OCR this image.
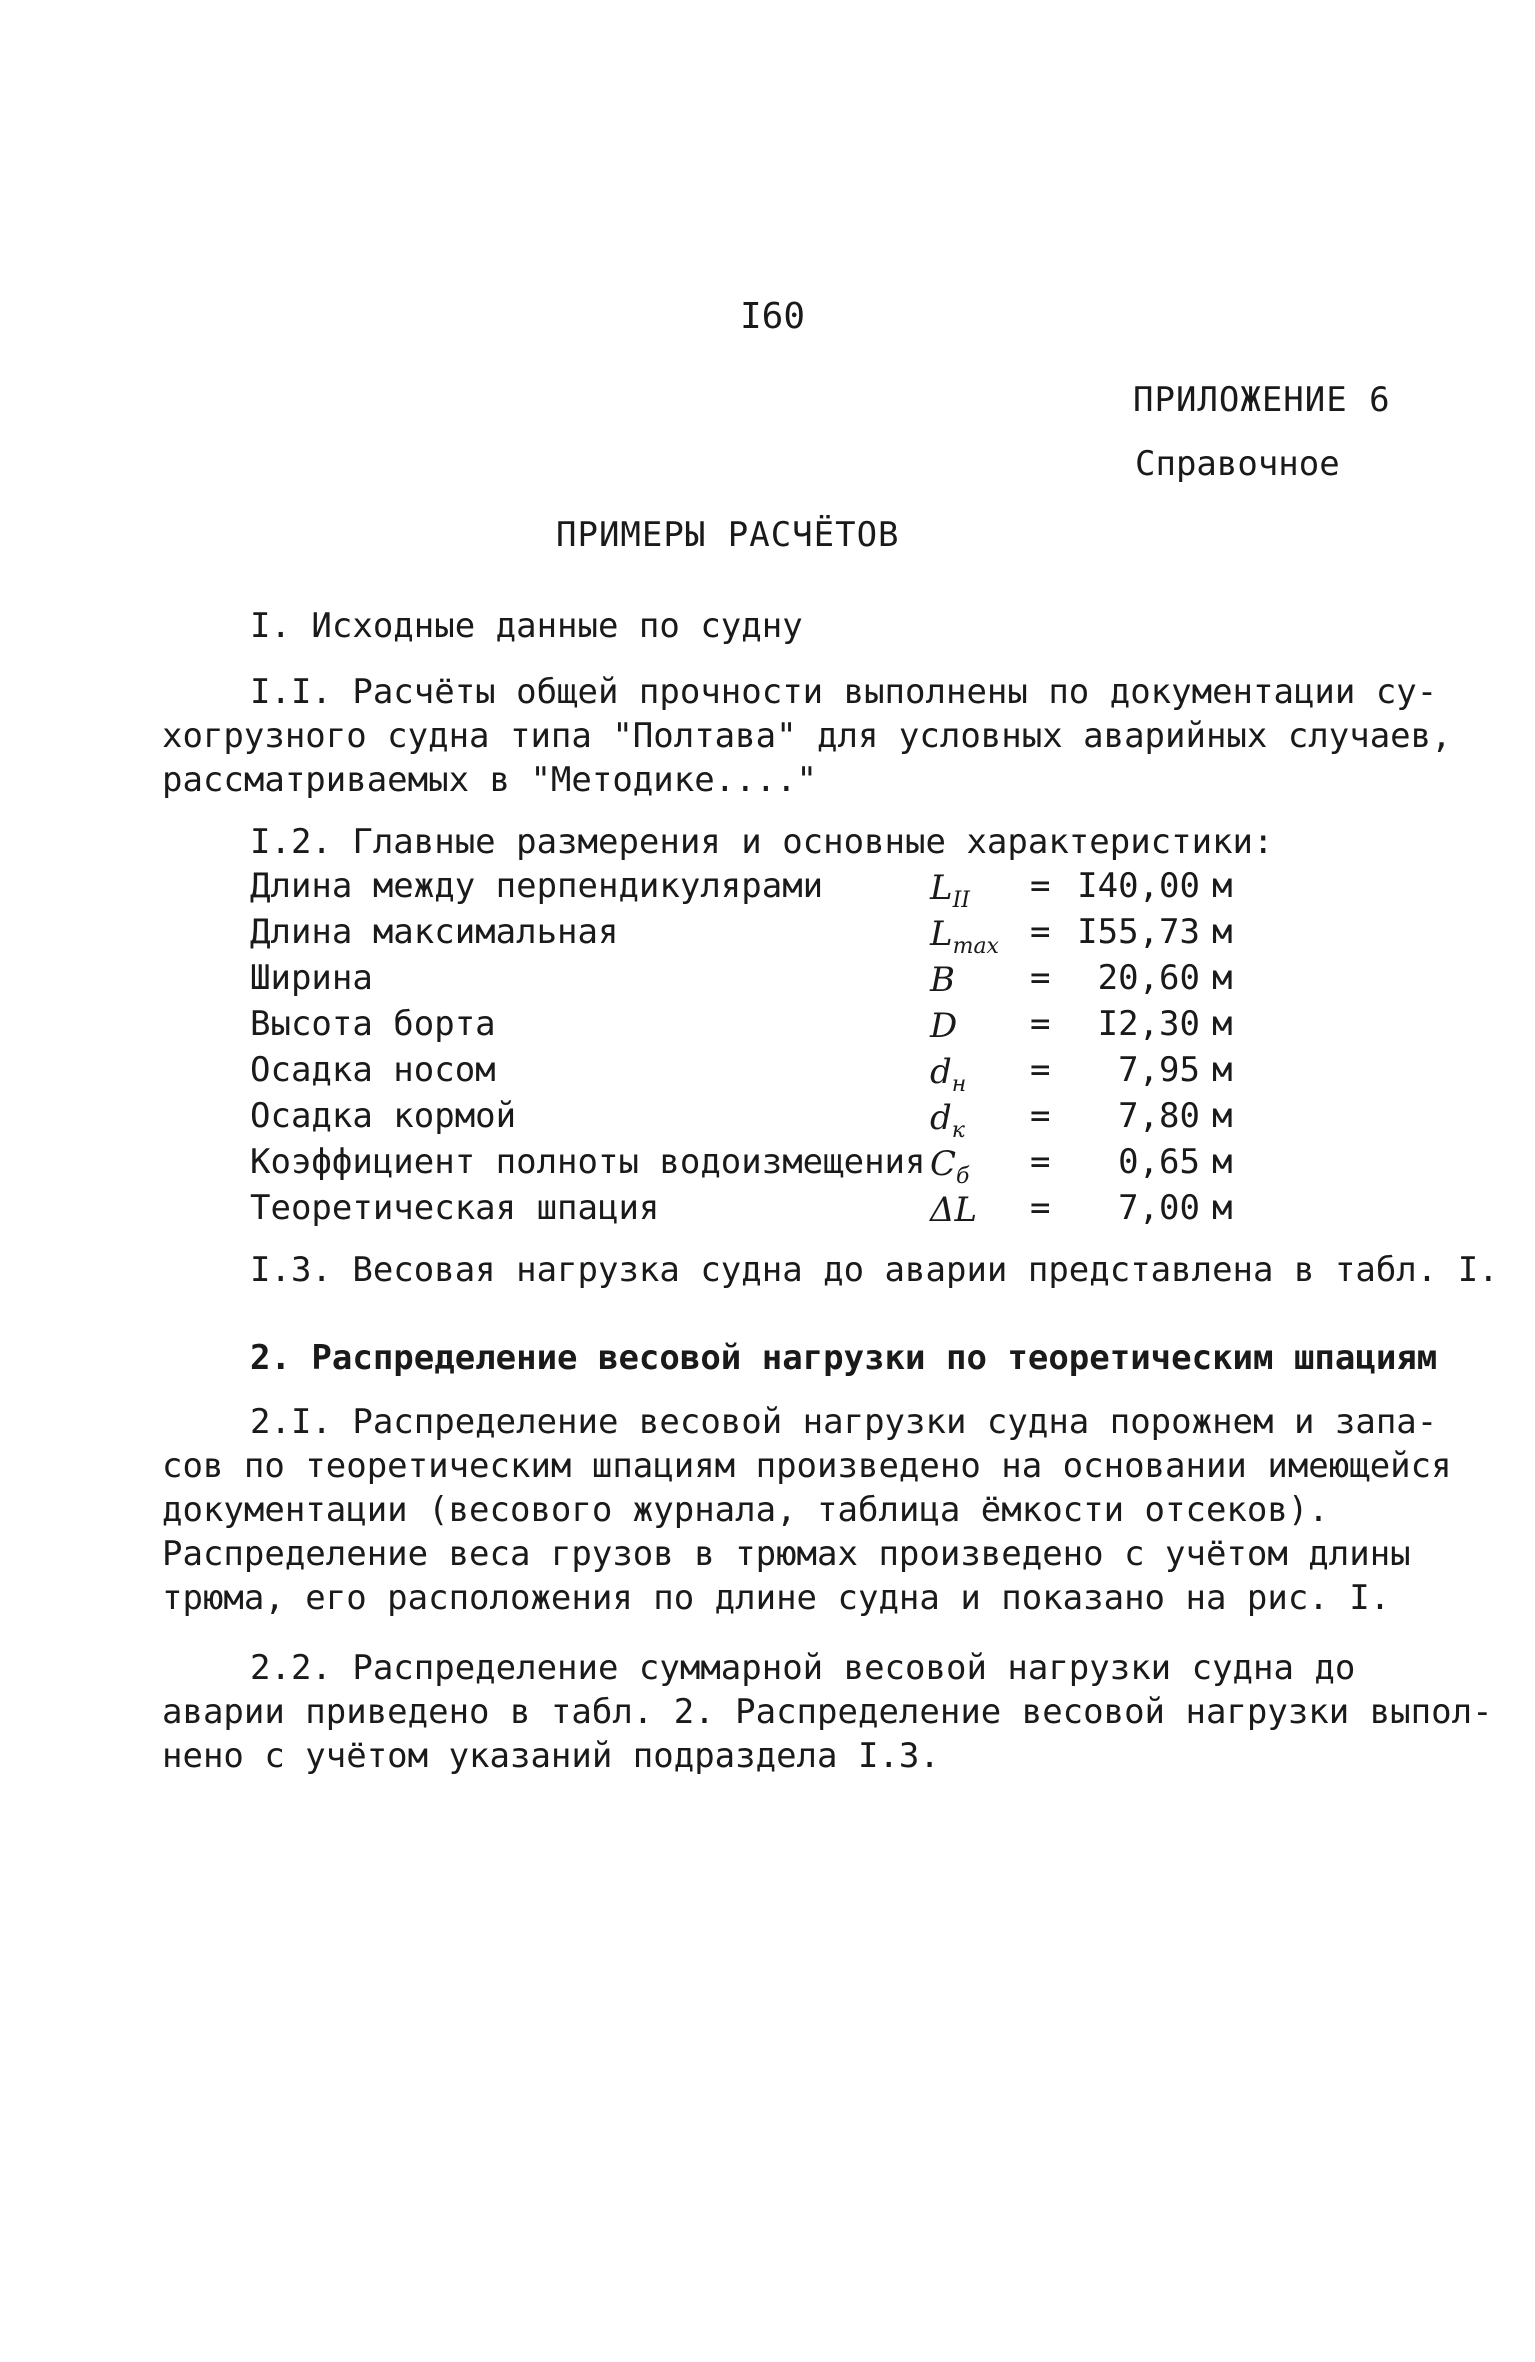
I60
ПРИЛОЖЕНИЕ 6
Справочное
ПРИМЕРЫ РАСЧЁТОВ
I. Исходные данные по судну
I.I. Расчёты общей прочности выполнены по документации су-
хогрузного судна типа "Полтава" для условных аварийных случаев,
рассматриваемых в "Методике...."
I.2. Главные размерения и основные характеристики:
Длина между перпендикулярами	$L_{II} = I40,00$ м
Длина максимальная	$L_{max} = I55,73$ м
Ширина	B =	20,60 м
Высота борта	D =	I2,30 м
Осадка носом	$d_н$ =	7,95 м
Осадка кормой	$d_к$ =	7,80 м
Коэффициент полноты водоизмещения $C_б$ =	0,65 м
Теоретическая шпация	ΔL =	7,00 м
I.3. Весовая нагрузка судна до аварии представлена в табл. I.
2. Распределение весовой нагрузки по теоретическим шпациям
2.I. Распределение весовой нагрузки судна порожнем и запа-
сов по теоретическим шпациям произведено на основании имеющейся
документации (весового журнала, таблица ёмкости отсеков).
Распределение веса грузов в трюмах произведено с учётом длины
трюма, его расположения по длине судна и показано на рис. I.
2.2. Распределение суммарной весовой нагрузки судна до
аварии приведено в табл. 2. Распределение весовой нагрузки выпол-
нено с учётом указаний подраздела I.3.
